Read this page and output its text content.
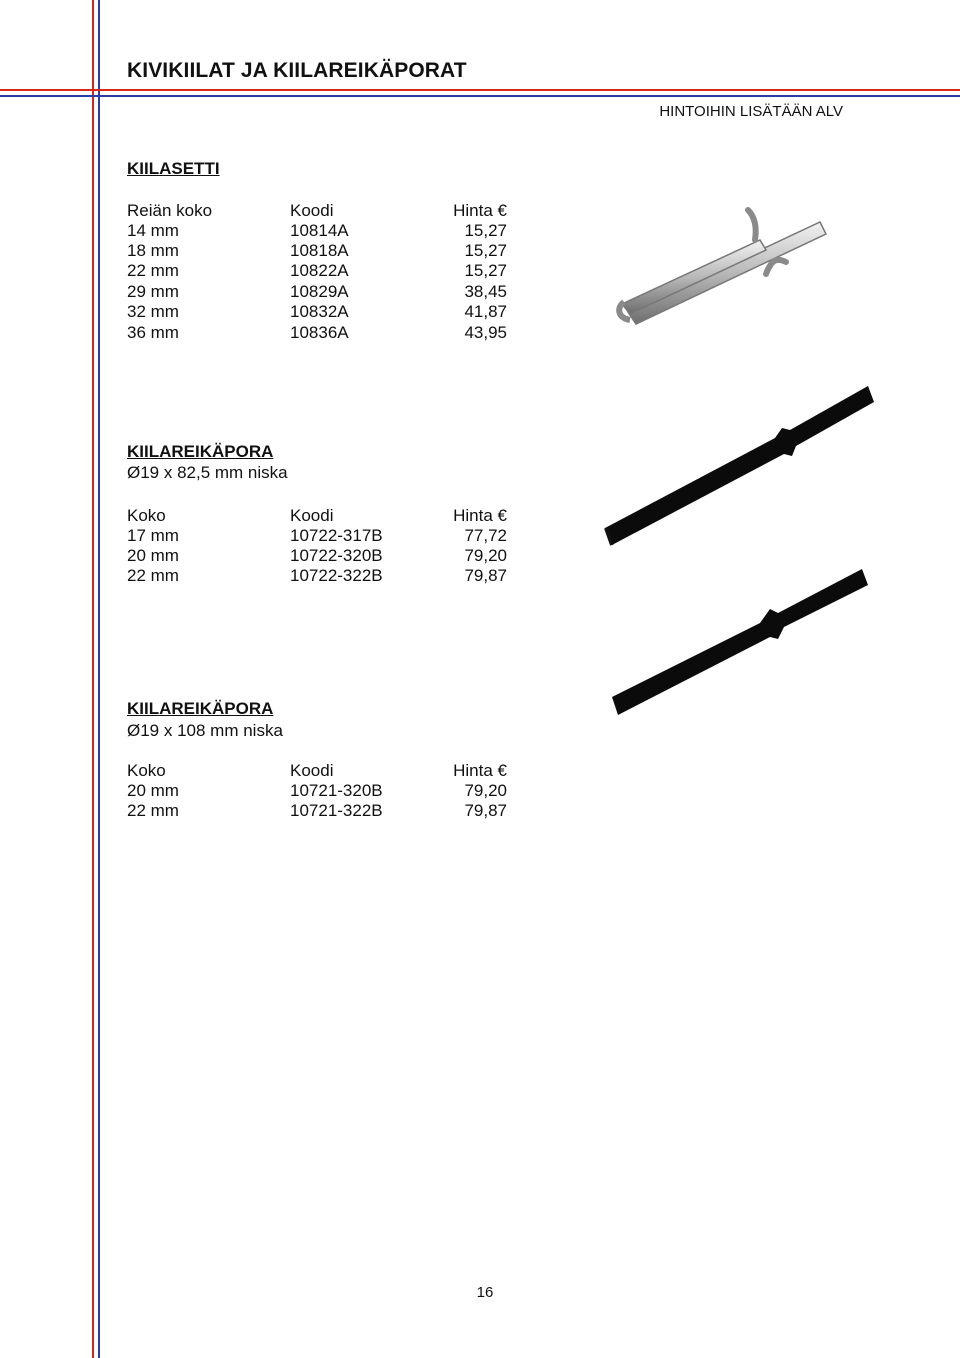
KIVIKIILAT JA KIILAREIKÄPORAT
HINTOIHIN LISÄTÄÄN ALV
KIILASETTI
Reiän koko	Koodi	Hinta €
14 mm	10814A	15,27
18 mm	10818A	15,27
22 mm	10822A	15,27
29 mm	10829A	38,45
32 mm	10832A	41,87
36 mm	10836A	43,95
KIILAREIKÄPORA
Ø19 x 82,5 mm niska
Koko	Koodi	Hinta €
17 mm	10722-317B	77,72
20 mm	10722-320B	79,20
22 mm	10722-322B	79,87
KIILAREIKÄPORA
Ø19 x 108 mm niska
Koko	Koodi	Hinta €
20 mm	10721-320B	79,20
22 mm	10721-322B	79,87
16
